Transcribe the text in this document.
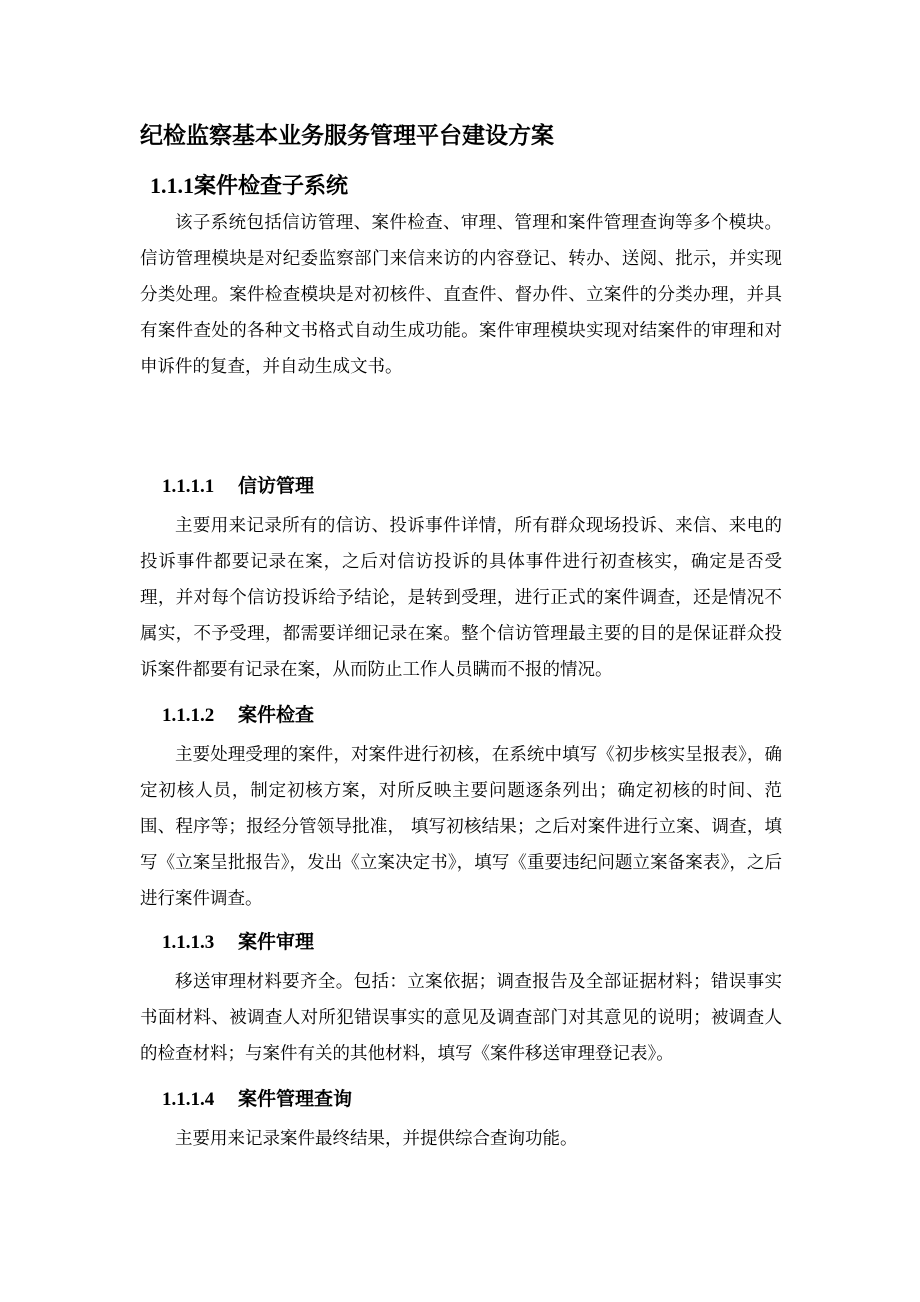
纪检监察基本业务服务管理平台建设方案
1.1.1案件检查子系统

该子系统包括信访管理、案件检查、审理、管理和案件管理查询等多个模块。信访管理模块是对纪委监察部门来信来访的内容登记、转办、送阅、批示，并实现分类处理。案件检查模块是对初核件、直查件、督办件、立案件的分类办理，并具有案件查处的各种文书格式自动生成功能。案件审理模块实现对结案件的审理和对申诉件的复查，并自动生成文书。

1.1.1.1 信访管理

主要用来记录所有的信访、投诉事件详情，所有群众现场投诉、来信、来电的投诉事件都要记录在案，之后对信访投诉的具体事件进行初查核实，确定是否受理，并对每个信访投诉给予结论，是转到受理，进行正式的案件调查，还是情况不属实，不予受理，都需要详细记录在案。整个信访管理最主要的目的是保证群众投诉案件都要有记录在案，从而防止工作人员瞒而不报的情况。

1.1.1.2 案件检查

主要处理受理的案件，对案件进行初核，在系统中填写《初步核实呈报表》，确定初核人员，制定初核方案，对所反映主要问题逐条列出；确定初核的时间、范围、程序等；报经分管领导批准， 填写初核结果；之后对案件进行立案、调查，填写《立案呈批报告》，发出《立案决定书》，填写《重要违纪问题立案备案表》，之后进行案件调查。

1.1.1.3 案件审理

移送审理材料要齐全。包括：立案依据；调查报告及全部证据材料；错误事实书面材料、被调查人对所犯错误事实的意见及调查部门对其意见的说明；被调查人的检查材料；与案件有关的其他材料，填写《案件移送审理登记表》。

1.1.1.4 案件管理查询

主要用来记录案件最终结果，并提供综合查询功能。
